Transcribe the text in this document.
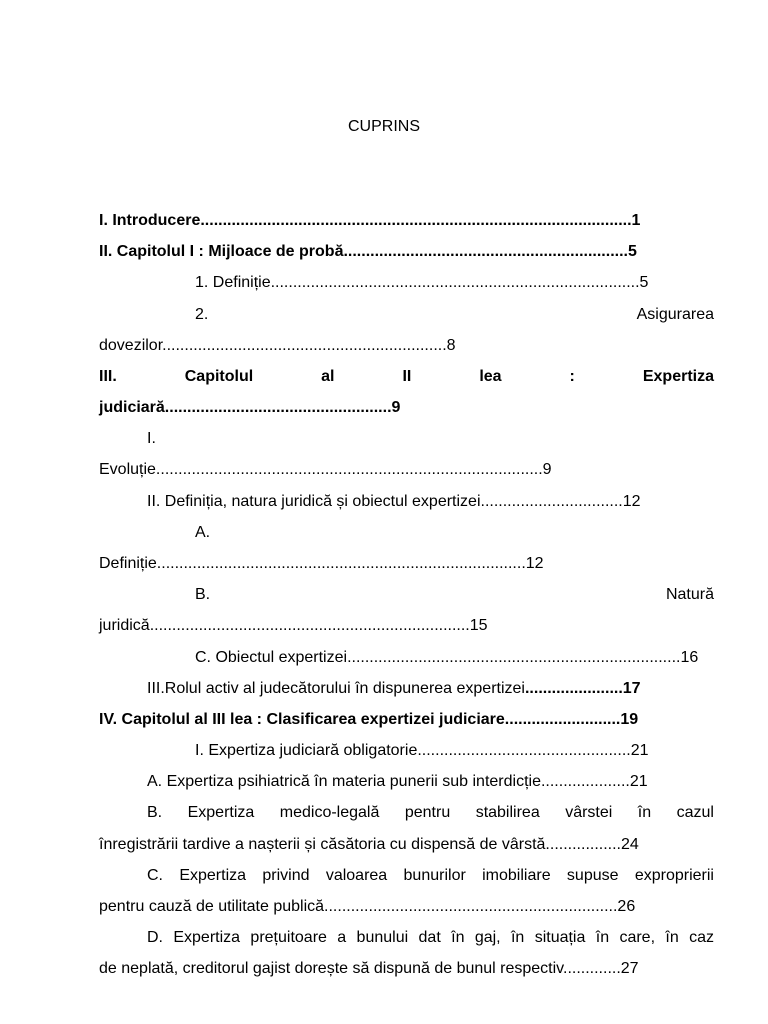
CUPRINS
I. Introducere.................................................................................................1
II. Capitolul I : Mijloace de probă................................................................5
1. Definiție...................................................................................5
2.	Asigurarea
dovezilor................................................................8
III.	Capitolul	al	II	lea	:	Expertiza
judiciară...................................................9
I.
Evoluție.......................................................................................9
II. Definiția, natura juridică și obiectul expertizei................................12
A.
Definiție...................................................................................12
B.	Natură
juridică........................................................................15
C. Obiectul expertizei...........................................................................16
III.Rolul activ al judecătorului în dispunerea expertizei......................17
IV. Capitolul al III lea : Clasificarea expertizei judiciare..........................19
I. Expertiza judiciară obligatorie................................................21
A. Expertiza psihiatrică în materia punerii sub interdicție....................21
B. Expertiza medico-legală pentru stabilirea vârstei în cazul
înregistrării tardive a nașterii și căsătoria cu dispensă de vârstă.................24
C. Expertiza privind valoarea bunurilor imobiliare supuse exproprierii
pentru cauză de utilitate publică..................................................................26
D. Expertiza prețuitoare a bunului dat în gaj, în situația în care, în caz
de neplată, creditorul gajist dorește să dispună de bunul respectiv.............27
